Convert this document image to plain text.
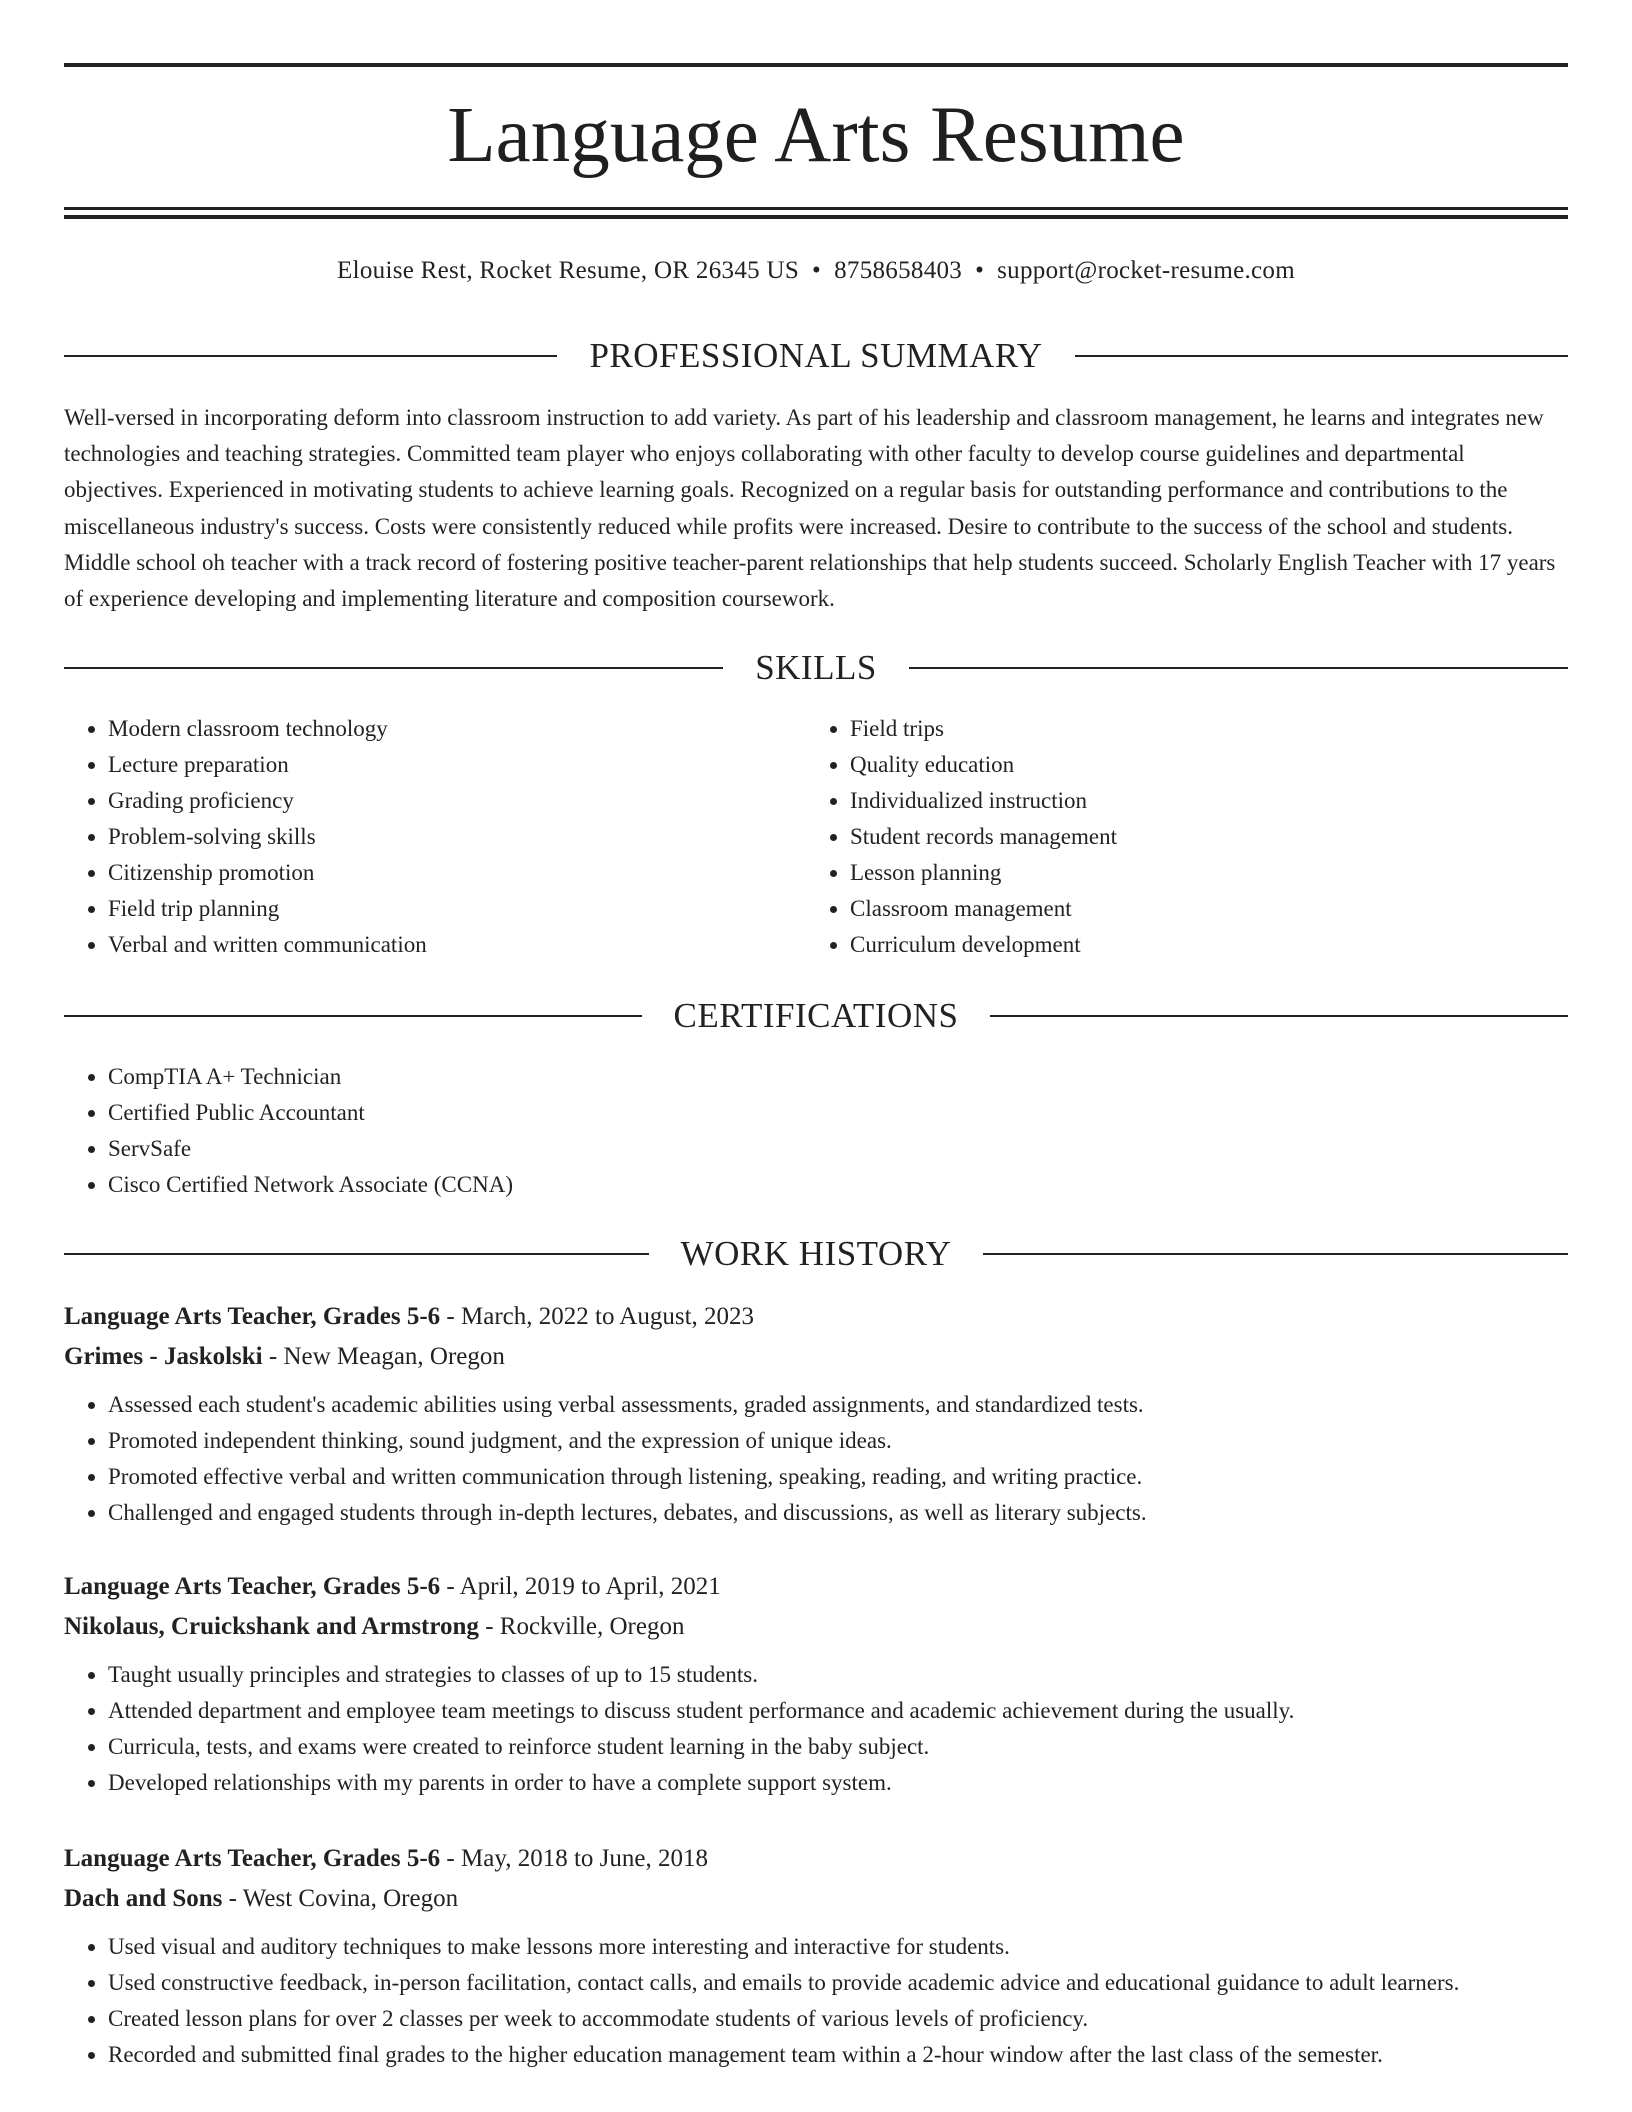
Language Arts Resume
Elouise Rest, Rocket Resume, OR 26345 US • 8758658403 • support@rocket-resume.com
PROFESSIONAL SUMMARY

Well-versed in incorporating deform into classroom instruction to add variety. As part of his leadership and classroom management, he learns and integrates new technologies and teaching strategies. Committed team player who enjoys collaborating with other faculty to develop course guidelines and departmental objectives. Experienced in motivating students to achieve learning goals. Recognized on a regular basis for outstanding performance and contributions to the miscellaneous industry's success. Costs were consistently reduced while profits were increased. Desire to contribute to the success of the school and students. Middle school oh teacher with a track record of fostering positive teacher-parent relationships that help students succeed. Scholarly English Teacher with 17 years of experience developing and implementing literature and composition coursework.

SKILLS
• Modern classroom technology
• Lecture preparation
• Grading proficiency
• Problem-solving skills
• Citizenship promotion
• Field trip planning
• Verbal and written communication
• Field trips
• Quality education
• Individualized instruction
• Student records management
• Lesson planning
• Classroom management
• Curriculum development
CERTIFICATIONS
• CompTIA A+ Technician
• Certified Public Accountant
• ServSafe
• Cisco Certified Network Associate (CCNA)
WORK HISTORY

Language Arts Teacher, Grades 5-6 - March, 2022 to August, 2023

Grimes - Jaskolski - New Meagan, Oregon

• Assessed each student's academic abilities using verbal assessments, graded assignments, and standardized tests.
• Promoted independent thinking, sound judgment, and the expression of unique ideas.
• Promoted effective verbal and written communication through listening, speaking, reading, and writing practice.
• Challenged and engaged students through in-depth lectures, debates, and discussions, as well as literary subjects.

Language Arts Teacher, Grades 5-6 - April, 2019 to April, 2021

Nikolaus, Cruickshank and Armstrong - Rockville, Oregon

• Taught usually principles and strategies to classes of up to 15 students.
• Attended department and employee team meetings to discuss student performance and academic achievement during the usually.
• Curricula, tests, and exams were created to reinforce student learning in the baby subject.
• Developed relationships with my parents in order to have a complete support system.

Language Arts Teacher, Grades 5-6 - May, 2018 to June, 2018

Dach and Sons - West Covina, Oregon

• Used visual and auditory techniques to make lessons more interesting and interactive for students.
• Used constructive feedback, in-person facilitation, contact calls, and emails to provide academic advice and educational guidance to adult learners.
• Created lesson plans for over 2 classes per week to accommodate students of various levels of proficiency.
• Recorded and submitted final grades to the higher education management team within a 2-hour window after the last class of the semester.
